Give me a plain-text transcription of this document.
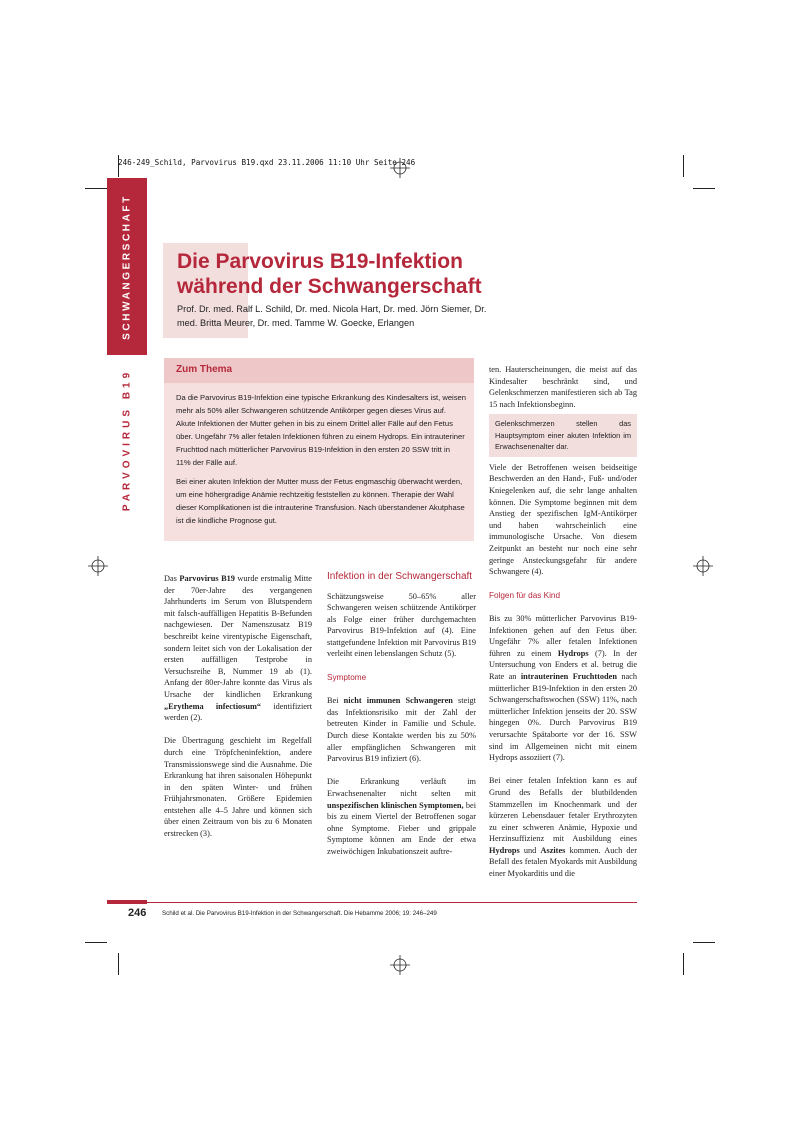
246-249_Schild, Parvovirus B19.qxd 23.11.2006 11:10 Uhr Seite 246
SCHWANGERSCHAFT
PARVOVIRUS B19
Die Parvovirus B19-Infektion während der Schwangerschaft
Prof. Dr. med. Ralf L. Schild, Dr. med. Nicola Hart, Dr. med. Jörn Siemer, Dr. med. Britta Meurer, Dr. med. Tamme W. Goecke, Erlangen
Zum Thema

Da die Parvovirus B19-Infektion eine typische Erkrankung des Kindesalters ist, weisen mehr als 50% aller Schwangeren schützende Antikörper gegen dieses Virus auf. Akute Infektionen der Mutter gehen in bis zu einem Drittel aller Fälle auf den Fetus über. Ungefähr 7% aller fetalen Infektionen führen zu einem Hydrops. Ein intrauteriner Fruchttod nach mütterlicher Parvovirus B19-Infektion in den ersten 20 SSW tritt in 11% der Fälle auf.

Bei einer akuten Infektion der Mutter muss der Fetus engmaschig überwacht werden, um eine höhergradige Anämie rechtzeitig feststellen zu können. Therapie der Wahl dieser Komplikationen ist die intrauterine Transfusion. Nach überstandener Akutphase ist die kindliche Prognose gut.

Das Parvovirus B19 wurde erstmalig Mitte der 70er-Jahre des vergangenen Jahrhunderts im Serum von Blutspendern mit falsch-auffälligen Hepatitis B-Befunden nachgewiesen. Der Namenszusatz B19 beschreibt keine virentypische Eigenschaft, sondern leitet sich von der Lokalisation der ersten auffälligen Testprobe in Versuchsreihe B, Nummer 19 ab (1). Anfang der 80er-Jahre konnte das Virus als Ursache der kindlichen Erkrankung „Erythema infectiosum“ identifiziert werden (2).

Die Übertragung geschieht im Regelfall durch eine Tröpfcheninfektion, andere Transmissionswege sind die Ausnahme. Die Erkrankung hat ihren saisonalen Höhepunkt in den späten Winter- und frühen Frühjahrsmonaten. Größere Epidemien entstehen alle 4–5 Jahre und können sich über einen Zeitraum von bis zu 6 Monaten erstrecken (3).

Infektion in der Schwangerschaft

Schätzungsweise 50–65% aller Schwangeren weisen schützende Antikörper als Folge einer früher durchgemachten Parvovirus B19-Infektion auf (4). Eine stattgefundene Infektion mit Parvovirus B19 verleiht einen lebenslangen Schutz (5).

Symptome

Bei nicht immunen Schwangeren steigt das Infektionsrisiko mit der Zahl der betreuten Kinder in Familie und Schule. Durch diese Kontakte werden bis zu 50% aller empfänglichen Schwangeren mit Parvovirus B19 infiziert (6).

Die Erkrankung verläuft im Erwachsenenalter nicht selten mit unspezifischen klinischen Symptomen, bei bis zu einem Viertel der Betroffenen sogar ohne Symptome. Fieber und grippale Symptome können am Ende der etwa zweiwöchigen Inkubationszeit auftre-

ten. Hauterscheinungen, die meist auf das Kindesalter beschränkt sind, und Gelenkschmerzen manifestieren sich ab Tag 15 nach Infektionsbeginn.

Gelenkschmerzen stellen das Hauptsymptom einer akuten Infektion im Erwachsenenalter dar.

Viele der Betroffenen weisen beidseitige Beschwerden an den Hand-, Fuß- und/oder Kniegelenken auf, die sehr lange anhalten können. Die Symptome beginnen mit dem Anstieg der spezifischen IgM-Antikörper und haben wahrscheinlich eine immunologische Ursache. Von diesem Zeitpunkt an besteht nur noch eine sehr geringe Ansteckungsgefahr für andere Schwangere (4).

Folgen für das Kind

Bis zu 30% mütterlicher Parvovirus B19-Infektionen gehen auf den Fetus über. Ungefähr 7% aller fetalen Infektionen führen zu einem Hydrops (7). In der Untersuchung von Enders et al. betrug die Rate an intrauterinen Fruchttoden nach mütterlicher B19-Infektion in den ersten 20 Schwangerschaftswochen (SSW) 11%, nach mütterlicher Infektion jenseits der 20. SSW hingegen 0%. Durch Parvovirus B19 verursachte Spätaborte vor der 16. SSW sind im Allgemeinen nicht mit einem Hydrops assoziiert (7).

Bei einer fetalen Infektion kann es auf Grund des Befalls der blutbildenden Stammzellen im Knochenmark und der kürzeren Lebensdauer fetaler Erythrozyten zu einer schweren Anämie, Hypoxie und Herzinsuffizienz mit Ausbildung eines Hydrops und Aszites kommen. Auch der Befall des fetalen Myokards mit Ausbildung einer Myokarditis und die

246	Schild et al. Die Parvovirus B19-Infektion in der Schwangerschaft. Die Hebamme 2006; 19: 246–249
